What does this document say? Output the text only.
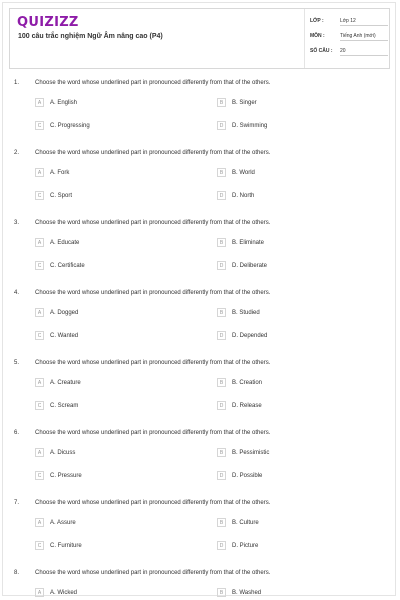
QUIZIZZ
100 câu trắc nghiệm Ngữ Âm nâng cao (P4)
LỚP :	Lớp 12
MÔN :	Tiếng Anh (mới)
SỐ CÂU :	20
1.	Choose the word whose underlined part in pronounced differently from that of the others.
A	A. English	B	B. Singer
C	C. Progressing	D	D. Swimming
2.	Choose the word whose underlined part in pronounced differently from that of the others.
A	A. Fork	B	B. World
C	C. Sport	D	D. North
3.	Choose the word whose underlined part in pronounced differently from that of the others.
A	A. Educate	B	B. Eliminate
C	C. Certificate	D	D. Deliberate
4.	Choose the word whose underlined part in pronounced differently from that of the others.
A	A. Dogged	B	B. Studied
C	C. Wanted	D	D. Depended
5.	Choose the word whose underlined part in pronounced differently from that of the others.
A	A. Creature	B	B. Creation
C	C. Scream	D	D. Release
6.	Choose the word whose underlined part in pronounced differently from that of the others.
A	A. Dicuss	B	B. Pessimistic
C	C. Pressure	D	D. Possible
7.	Choose the word whose underlined part in pronounced differently from that of the others.
A	A. Assure	B	B. Culture
C	C. Furniture	D	D. Picture
8.	Choose the word whose underlined part in pronounced differently from that of the others.
A	A. Wicked	B	B. Washed
